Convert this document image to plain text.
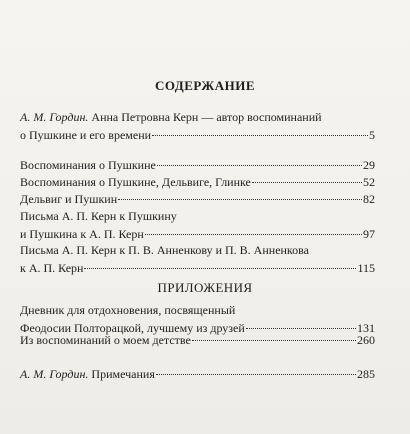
СОДЕРЖАНИЕ
А. М. Гордин. Анна Петровна Керн — автор воспоминаний
о Пушкине и его времени	5
Воспоминания о Пушкине	29
Воспоминания о Пушкине, Дельвиге, Глинке	52
Дельвиг и Пушкин	82
Письма А. П. Керн к Пушкину
и Пушкина к А. П. Керн	97
Письма А. П. Керн к П. В. Анненкову и П. В. Анненкова
к А. П. Керн	115
ПРИЛОЖЕНИЯ
Дневник для отдохновения, посвященный
Феодосии Полторацкой, лучшему из друзей	131
Из воспоминаний о моем детстве	260
А. М. Гордин. Примечания	285
